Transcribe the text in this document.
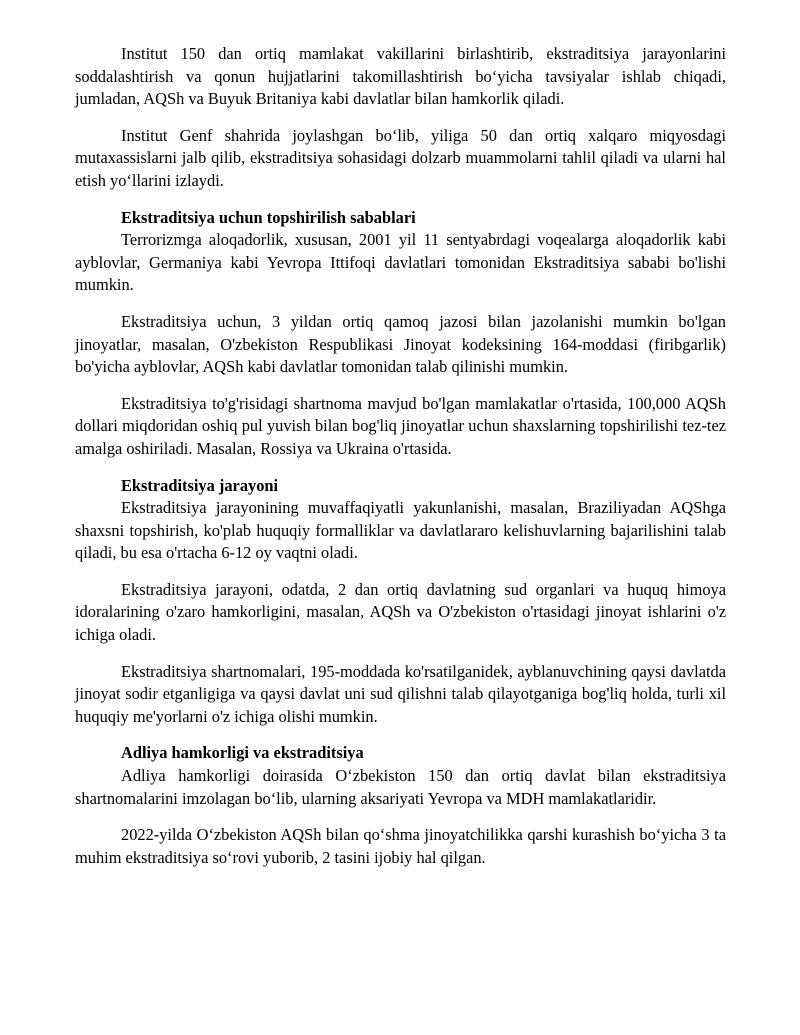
Institut 150 dan ortiq mamlakat vakillarini birlashtirib, ekstraditsiya jarayonlarini soddalashtirish va qonun hujjatlarini takomillashtirish bo‘yicha tavsiyalar ishlab chiqadi, jumladan, AQSh va Buyuk Britaniya kabi davlatlar bilan hamkorlik qiladi.

Institut Genf shahrida joylashgan bo‘lib, yiliga 50 dan ortiq xalqaro miqyosdagi mutaxassislarni jalb qilib, ekstraditsiya sohasidagi dolzarb muammolarni tahlil qiladi va ularni hal etish yo‘llarini izlaydi.

Ekstraditsiya uchun topshirilish sabablari

Terrorizmga aloqadorlik, xususan, 2001 yil 11 sentyabrdagi voqealarga aloqadorlik kabi ayblovlar, Germaniya kabi Yevropa Ittifoqi davlatlari tomonidan Ekstraditsiya sababi bo'lishi mumkin.

Ekstraditsiya uchun, 3 yildan ortiq qamoq jazosi bilan jazolanishi mumkin bo'lgan jinoyatlar, masalan, O'zbekiston Respublikasi Jinoyat kodeksining 164-moddasi (firibgarlik) bo'yicha ayblovlar, AQSh kabi davlatlar tomonidan talab qilinishi mumkin.

Ekstraditsiya to'g'risidagi shartnoma mavjud bo'lgan mamlakatlar o'rtasida, 100,000 AQSh dollari miqdoridan oshiq pul yuvish bilan bog'liq jinoyatlar uchun shaxslarning topshirilishi tez-tez amalga oshiriladi. Masalan, Rossiya va Ukraina o'rtasida.

Ekstraditsiya jarayoni

Ekstraditsiya jarayonining muvaffaqiyatli yakunlanishi, masalan, Braziliyadan AQShga shaxsni topshirish, ko'plab huquqiy formalliklar va davlatlararo kelishuvlarning bajarilishini talab qiladi, bu esa o'rtacha 6-12 oy vaqtni oladi.

Ekstraditsiya jarayoni, odatda, 2 dan ortiq davlatning sud organlari va huquq himoya idoralarining o'zaro hamkorligini, masalan, AQSh va O'zbekiston o'rtasidagi jinoyat ishlarini o'z ichiga oladi.

Ekstraditsiya shartnomalari, 195-moddada ko'rsatilganidek, ayblanuvchining qaysi davlatda jinoyat sodir etganligiga va qaysi davlat uni sud qilishni talab qilayotganiga bog'liq holda, turli xil huquqiy me'yorlarni o'z ichiga olishi mumkin.

Adliya hamkorligi va ekstraditsiya

Adliya hamkorligi doirasida O‘zbekiston 150 dan ortiq davlat bilan ekstraditsiya shartnomalarini imzolagan bo‘lib, ularning aksariyati Yevropa va MDH mamlakatlaridir.

2022-yilda O‘zbekiston AQSh bilan qo‘shma jinoyatchilikka qarshi kurashish bo‘yicha 3 ta muhim ekstraditsiya so‘rovi yuborib, 2 tasini ijobiy hal qilgan.
